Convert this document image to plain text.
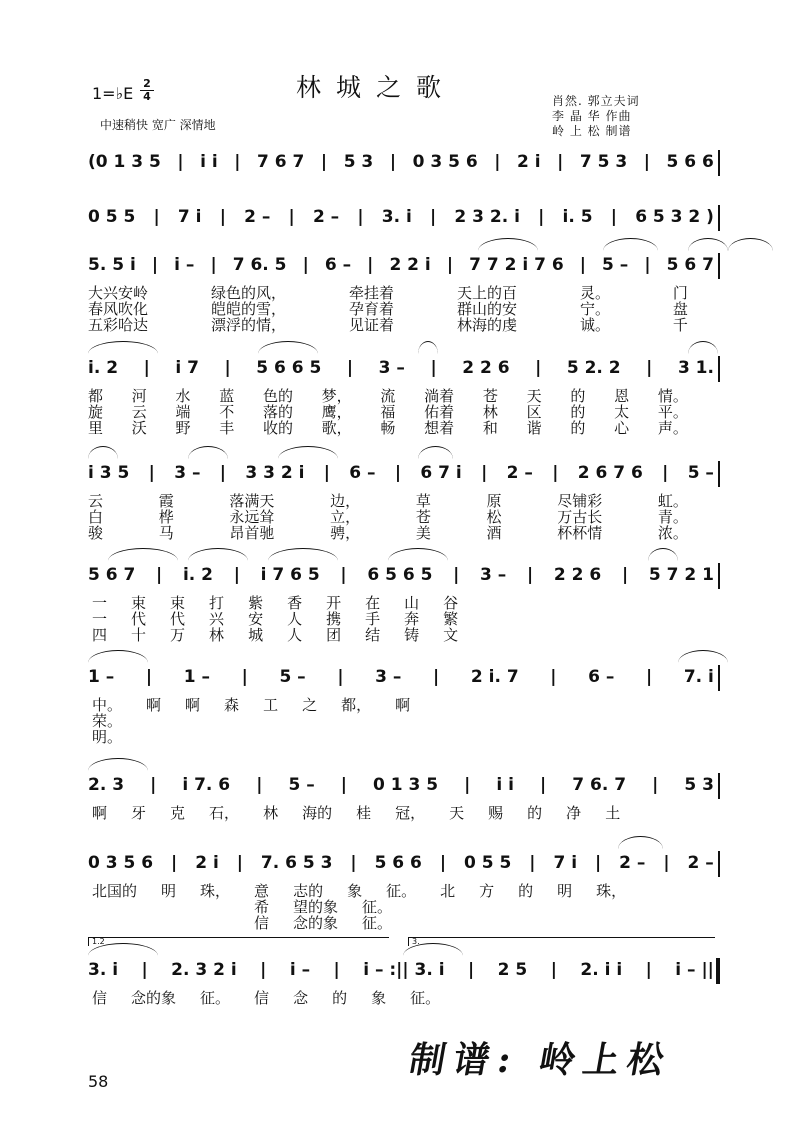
1=♭E
2
4	林城之歌
中速稍快 宽广 深情地
肖然. 郭立夫词
李 晶 华 作曲
岭 上 松 制谱
(0 1 3 5 | i i | 7 6 7 | 5 3 | 0 3 5 6 | 2 i | 7 5 3 | 5 6 6
0 5 5 | 7 i | 2 – | 2 – | 3. i | 2 3 2. i | i. 5 | 6 5 3 2 )
5. 5 i | i – | 7 6. 5 | 6 – | 2 2 i | 7 7 2 i 7 6 | 5 – | 5 6 7
大兴安岭	绿色的风，	牵挂着	天上的百	灵。	门
春风吹化	皑皑的雪，	孕育着	群山的安	宁。	盘
五彩哈达	漂浮的情，	见证着	林海的虔	诚。	千
i. 2 | i 7 | 5 6 6 5 | 3 – | 2 2 6 | 5 2. 2 | 3 1.
都 河 水 蓝 色的 梦， 流 淌着 苍 天 的 恩 情。
旋 云 端 不 落的 鹰， 福 佑着 林 区 的 太 平。
里 沃 野 丰 收的 歌， 畅 想着 和 谐 的 心 声。
i 3 5 | 3 – | 3 3 2 i | 6 – | 6 7 i | 2 – | 2 6 7 6 | 5 –
云	霞	落满天	边，	草	原	尽铺彩	虹。
白	桦	永远耸	立，	苍	松	万古长	青。
骏	马	昂首驰	骋，	美	酒	杯杯情	浓。
5 6 7 | i. 2 | i 7 6 5 | 6 5 6 5 | 3 – | 2 2 6 | 5 7 2 1
一 束 束 打 紫 香 开 在 山 谷
一 代 代 兴 安 人 携 手 奔 繁
四 十 万 林 城 人 团 结 铸 文
1 – | 1 – | 5 – | 3 – | 2 i. 7 | 6 – | 7. i
中。 啊 啊 森 工 之 都， 啊
荣。
明。
2. 3 | i 7. 6 | 5 – | 0 1 3 5 | i i | 7 6. 7 | 5 3
啊 牙 克 石， 林 海的 桂 冠， 天 赐 的 净 土
0 3 5 6 | 2 i | 7. 6 5 3 | 5 6 6 | 0 5 5 | 7 i | 2 – | 2 –
北国的 明 珠， 意 志的 象 征。 北 方 的 明 珠，
希 望的象 征。
信 念的象 征。
3. i | 2. 3 2 i | i – | i – :|| 3. i | 2 5 | 2. i i | i – ||
信 念的象 征。 信 念 的 象 征。
1.2	3.
制谱: 岭上松
58
